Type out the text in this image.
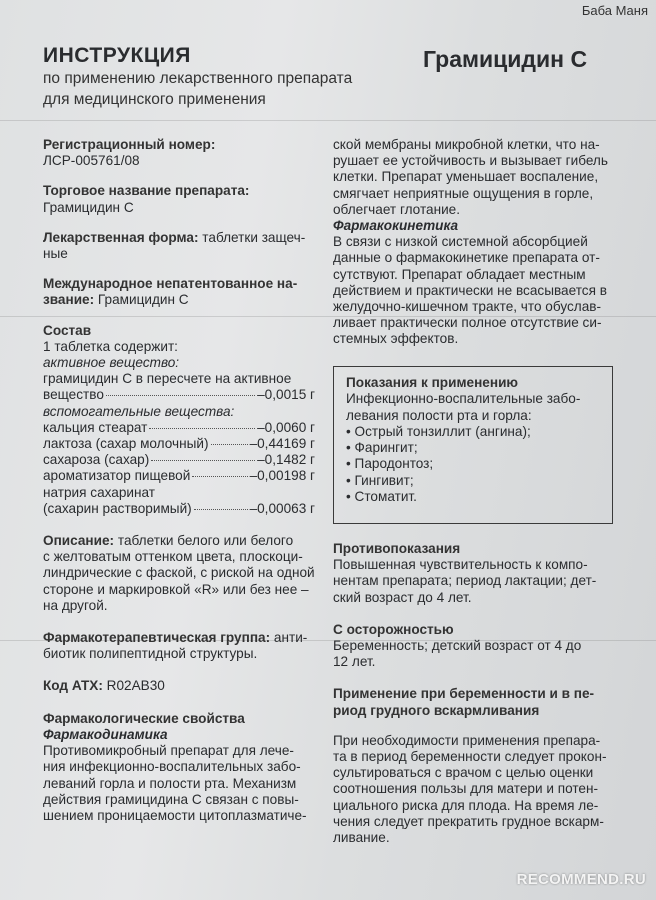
Баба Маня
ИНСТРУКЦИЯ
по применению лекарственного препарата
для медицинского применения
Грамицидин С

Регистрационный номер: ЛСР-005761/08

Торговое название препарата:

Грамицидин С

Лекарственная форма: таблетки защеч-

ные

Международное непатентованное на-

звание: Грамицидин С

Состав

1 таблетка содержит:

активное вещество:

грамицидин С в пересчете на активное

вещество	– 0,0015 г

вспомогательные вещества:

кальция стеарат	– 0,0060 г

лактоза (сахар молочный)	– 0,44169 г

сахароза (сахар)	– 0,1482 г

ароматизатор пищевой	– 0,00198 г

натрия сахаринат

(сахарин растворимый)	– 0,00063 г

Описание: таблетки белого или белого

с желтоватым оттенком цвета, плоскоци-

линдрические с фаской, с риской на одной

стороне и маркировкой «R» или без нее –

на другой.

Фармакотерапевтическая группа: анти-

биотик полипептидной структуры.

Код АТХ: R02AB30

Фармакологические свойства

Фармакодинамика

Противомикробный препарат для лече-

ния инфекционно-воспалительных забо-

леваний горла и полости рта. Механизм

действия грамицидина С связан с повы-

шением проницаемости цитоплазматиче-

ской мембраны микробной клетки, что на-

рушает ее устойчивость и вызывает гибель

клетки. Препарат уменьшает воспаление,

смягчает неприятные ощущения в горле,

облегчает глотание.

Фармакокинетика

В связи с низкой системной абсорбцией

данные о фармакокинетике препарата от-

сутствуют. Препарат обладает местным

действием и практически не всасывается в

желудочно-кишечном тракте, что обуслав-

ливает практически полное отсутствие си-

стемных эффектов.

Показания к применению

Инфекционно-воспалительные забо-

левания полости рта и горла:

• Острый тонзиллит (ангина);
• Фарингит;
• Пародонтоз;
• Гингивит;
• Стоматит.

Противопоказания

Повышенная чувствительность к компо-

нентам препарата; период лактации; дет-

ский возраст до 4 лет.

С осторожностью

Беременность; детский возраст от 4 до

12 лет.

Применение при беременности и в пе-

риод грудного вскармливания

При необходимости применения препара-

та в период беременности следует прокон-

сультироваться с врачом с целью оценки

соотношения пользы для матери и потен-

циального риска для плода. На время ле-

чения следует прекратить грудное вскарм-

ливание.

RECOMMEND.RU
